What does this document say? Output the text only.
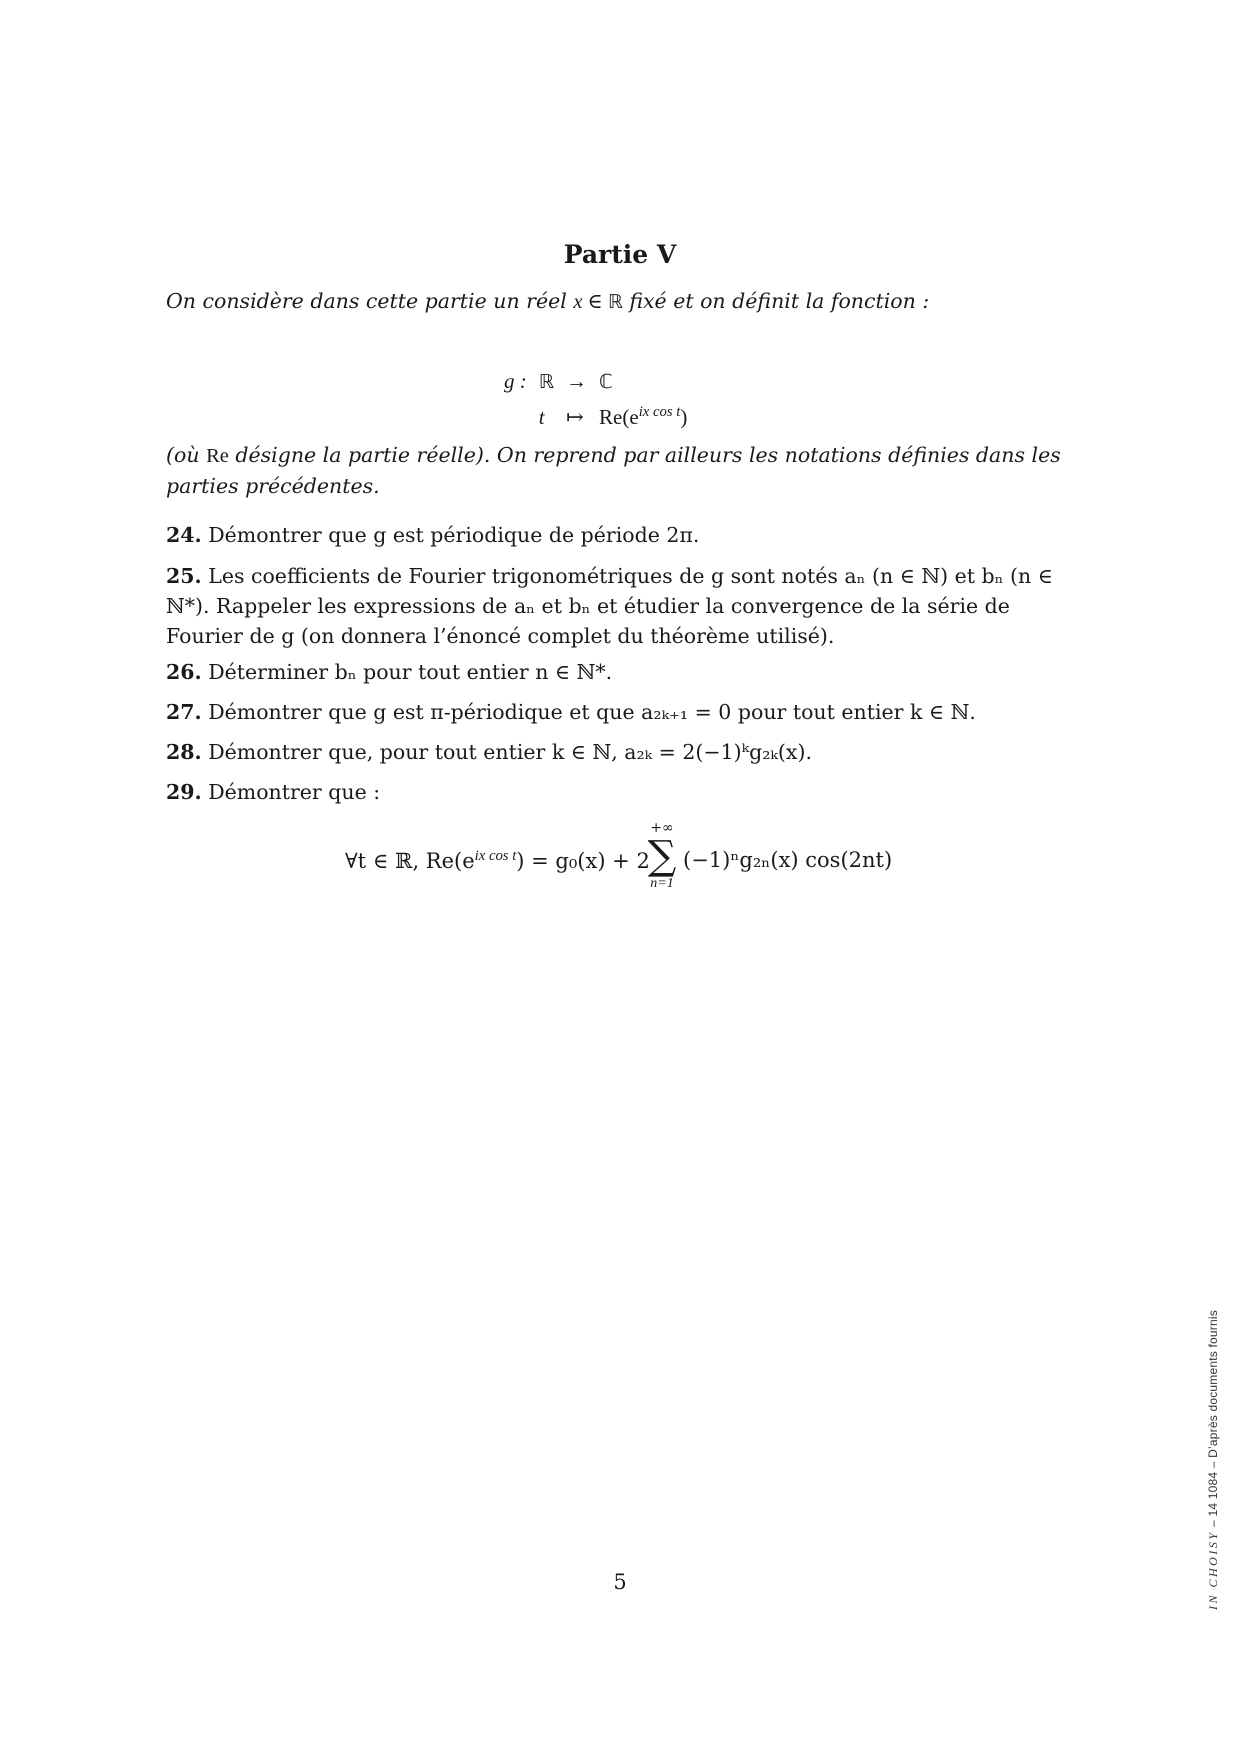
Partie V
On considère dans cette partie un réel x ∈ ℝ fixé et on définit la fonction :
g :	ℝ	→	ℂ
	t	↦	$Re(e^{ix cos t})$
(où Re désigne la partie réelle). On reprend par ailleurs les notations définies dans les parties précédentes.
24. Démontrer que g est périodique de période 2π.
25. Les coefficients de Fourier trigonométriques de g sont notés aₙ (n ∈ ℕ) et bₙ (n ∈ ℕ*). Rappeler les expressions de aₙ et bₙ et étudier la convergence de la série de Fourier de g (on donnera l’énoncé complet du théorème utilisé).
26. Déterminer bₙ pour tout entier n ∈ ℕ*.
27. Démontrer que g est π-périodique et que a₂ₖ₊₁ = 0 pour tout entier k ∈ ℕ.
28. Démontrer que, pour tout entier k ∈ ℕ, a₂ₖ = 2(−1)ᵏg₂ₖ(x).
29. Démontrer que :
∀t ∈ ℝ, $Re(e^{ix cos t}) = g_0(x) + 2$
+∞
∑
n=1
(−1)ⁿg₂ₙ(x) cos(2nt)
5	IN CHOISY – 14 1084 – D’après documents fournis
